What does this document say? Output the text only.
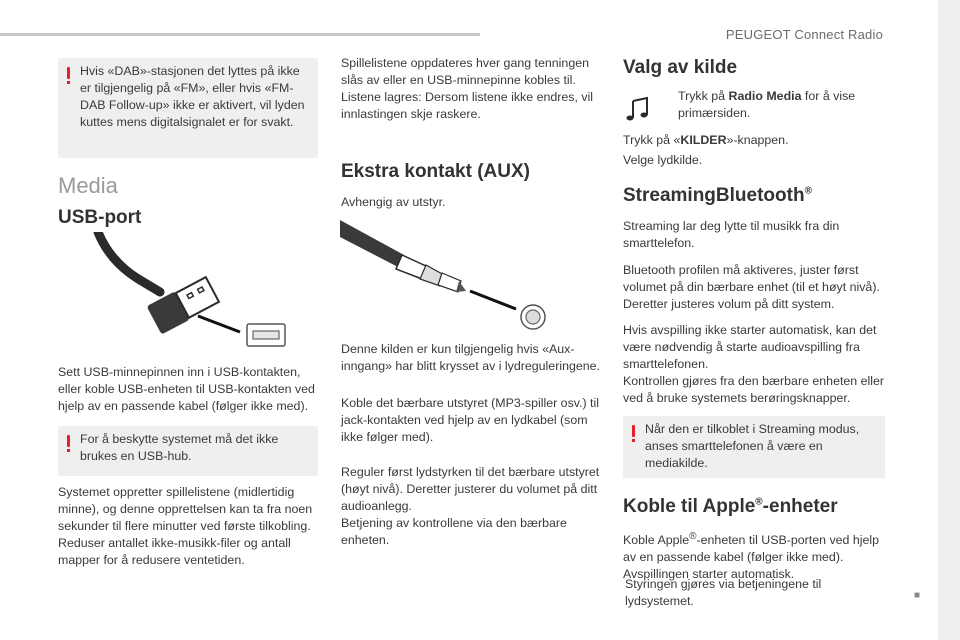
PEUGEOT Connect Radio
■

Hvis «DAB»-stasjonen det lyttes på ikke er tilgjengelig på «FM», eller hvis «FM-DAB Follow-up» ikke er aktivert, vil lyden kuttes mens digitalsignalet er for svakt.

Media
USB-port

Sett USB-minnepinnen inn i USB-kontakten, eller koble USB-enheten til USB-kontakten ved hjelp av en passende kabel (følger ikke med).

For å beskytte systemet må det ikke brukes en USB-hub.

Systemet oppretter spillelistene (midlertidig minne), og denne opprettelsen kan ta fra noen sekunder til flere minutter ved første tilkobling. Reduser antallet ikke-musikk-filer og antall mapper for å redusere ventetiden.

Spillelistene oppdateres hver gang tenningen slås av eller en USB-minnepinne kobles til. Listene lagres: Dersom listene ikke endres, vil innlastingen skje raskere.

Ekstra kontakt (AUX)

Avhengig av utstyr.

Denne kilden er kun tilgjengelig hvis «Aux-inngang» har blitt krysset av i lydreguleringene.

Koble det bærbare utstyret (MP3-spiller osv.) til jack-kontakten ved hjelp av en lydkabel (som ikke følger med).

Reguler først lydstyrken til det bærbare utstyret (høyt nivå). Deretter justerer du volumet på ditt audioanlegg.
Betjening av kontrollene via den bærbare enheten.

Valg av kilde

Trykk på Radio Media for å vise primærsiden.

Trykk på «KILDER»-knappen.

Velge lydkilde.

StreamingBluetooth®

Streaming lar deg lytte til musikk fra din smarttelefon.

Bluetooth profilen må aktiveres, juster først volumet på din bærbare enhet (til et høyt nivå). Deretter justeres volum på ditt system.

Hvis avspilling ikke starter automatisk, kan det være nødvendig å starte audioavspilling fra smarttelefonen.
Kontrollen gjøres fra den bærbare enheten eller ved å bruke systemets berøringsknapper.

Når den er tilkoblet i Streaming modus, anses smarttelefonen å være en mediakilde.

Koble til Apple®-enheter

Koble Apple®-enheten til USB-porten ved hjelp av en passende kabel (følger ikke med).
Avspillingen starter automatisk.

Styringen gjøres via betjeningene til lydsystemet.
